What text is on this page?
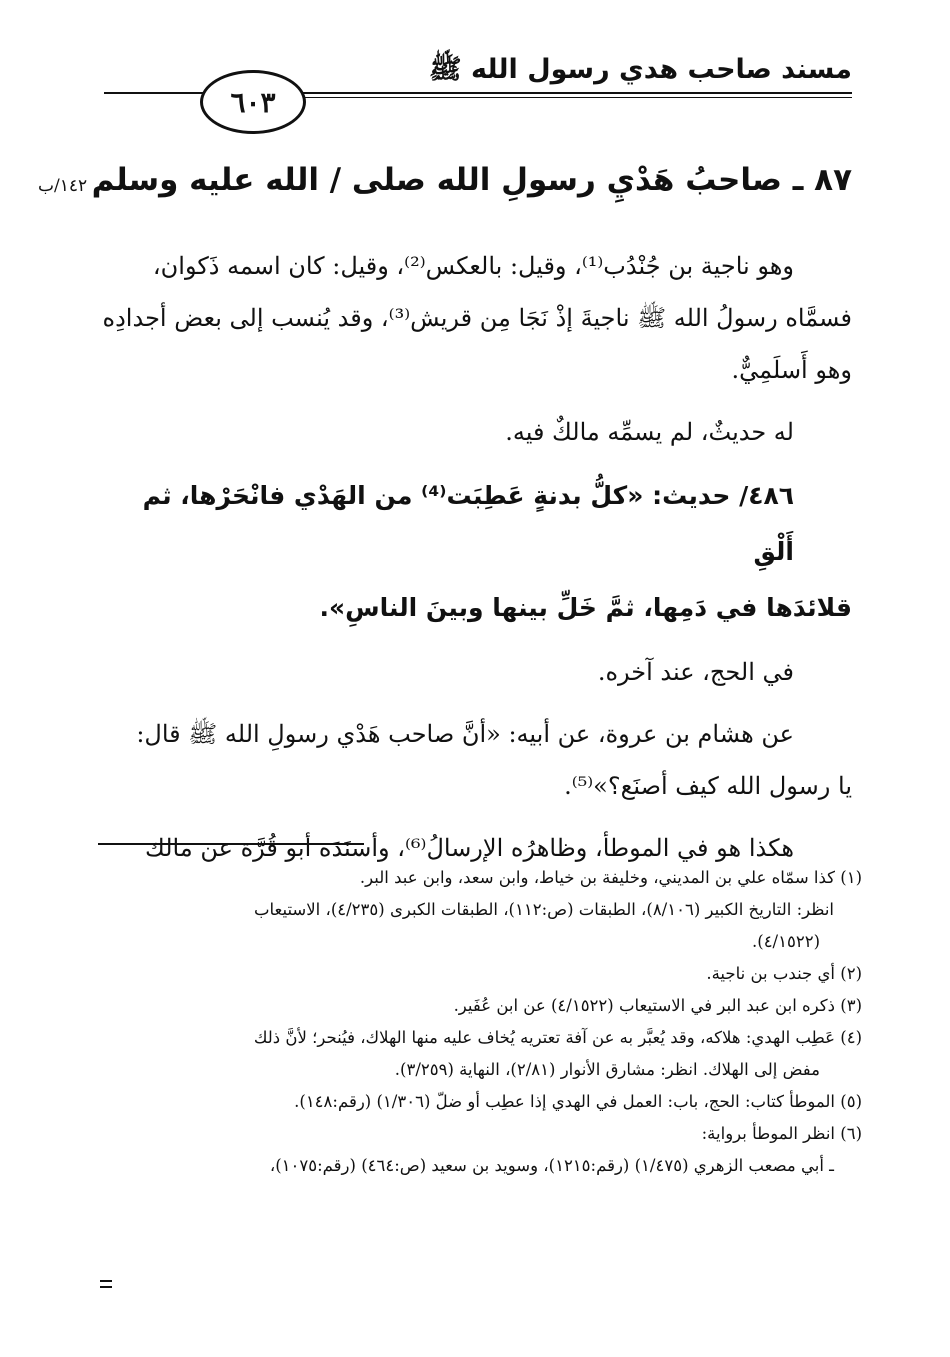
مسند صاحب هدي رسول الله ﷺ
٦٠٣
١٤٢/ب ٨٧ ـ صاحبُ هَدْيِ رسولِ الله صلى / الله عليه وسلم

وهو ناجية بن جُنْدُب⁽¹⁾، وقيل: بالعكس⁽²⁾، وقيل: كان اسمه ذَكوان،

فسمَّاه رسولُ الله ﷺ ناجيةَ إذْ نَجَا مِن قريش⁽³⁾، وقد يُنسب إلى بعض أجدادِه

وهو أَسلَمِيٌّ.

له حديثٌ، لم يسمِّه مالكٌ فيه.

٤٨٦/ حديث: «كلُّ بدنةٍ عَطِبَت⁽⁴⁾ من الهَدْي فانْحَرْها، ثم أَلْقِ

قلائدَها في دَمِها، ثمَّ خَلِّ بينها وبينَ الناسِ».

في الحج، عند آخره.

عن هشام بن عروة، عن أبيه: «أنَّ صاحب هَدْي رسولِ الله ﷺ قال:

يا رسول الله كيف أصنَع؟»⁽⁵⁾.

هكذا هو في الموطأ، وظاهرُه الإرسالُ⁽⁶⁾، وأسنَدَه أبو قُرَّة عن مالك

(١) كذا سمّاه علي بن المديني، وخليفة بن خياط، وابن سعد، وابن عبد البر.

انظر: التاريخ الكبير (٨/١٠٦)، الطبقات (ص:١١٢)، الطبقات الكبرى (٤/٢٣٥)، الاستيعاب

(٤/١٥٢٢).

(٢) أي جندب بن ناجية.

(٣) ذكره ابن عبد البر في الاستيعاب (٤/١٥٢٢) عن ابن عُفَير.

(٤) عَطِب الهدي: هلاكه، وقد يُعبَّر به عن آفة تعتريه يُخاف عليه منها الهلاك، فيُنحر؛ لأنَّ ذلك

مفض إلى الهلاك. انظر: مشارق الأنوار (٢/٨١)، النهاية (٣/٢٥٩).

(٥) الموطأ كتاب: الحج، باب: العمل في الهدي إذا عطِب أو ضلّ (١/٣٠٦) (رقم:١٤٨).

(٦) انظر الموطأ برواية:

ـ أبي مصعب الزهري (١/٤٧٥) (رقم:١٢١٥)، وسويد بن سعيد (ص:٤٦٤) (رقم:١٠٧٥)،
